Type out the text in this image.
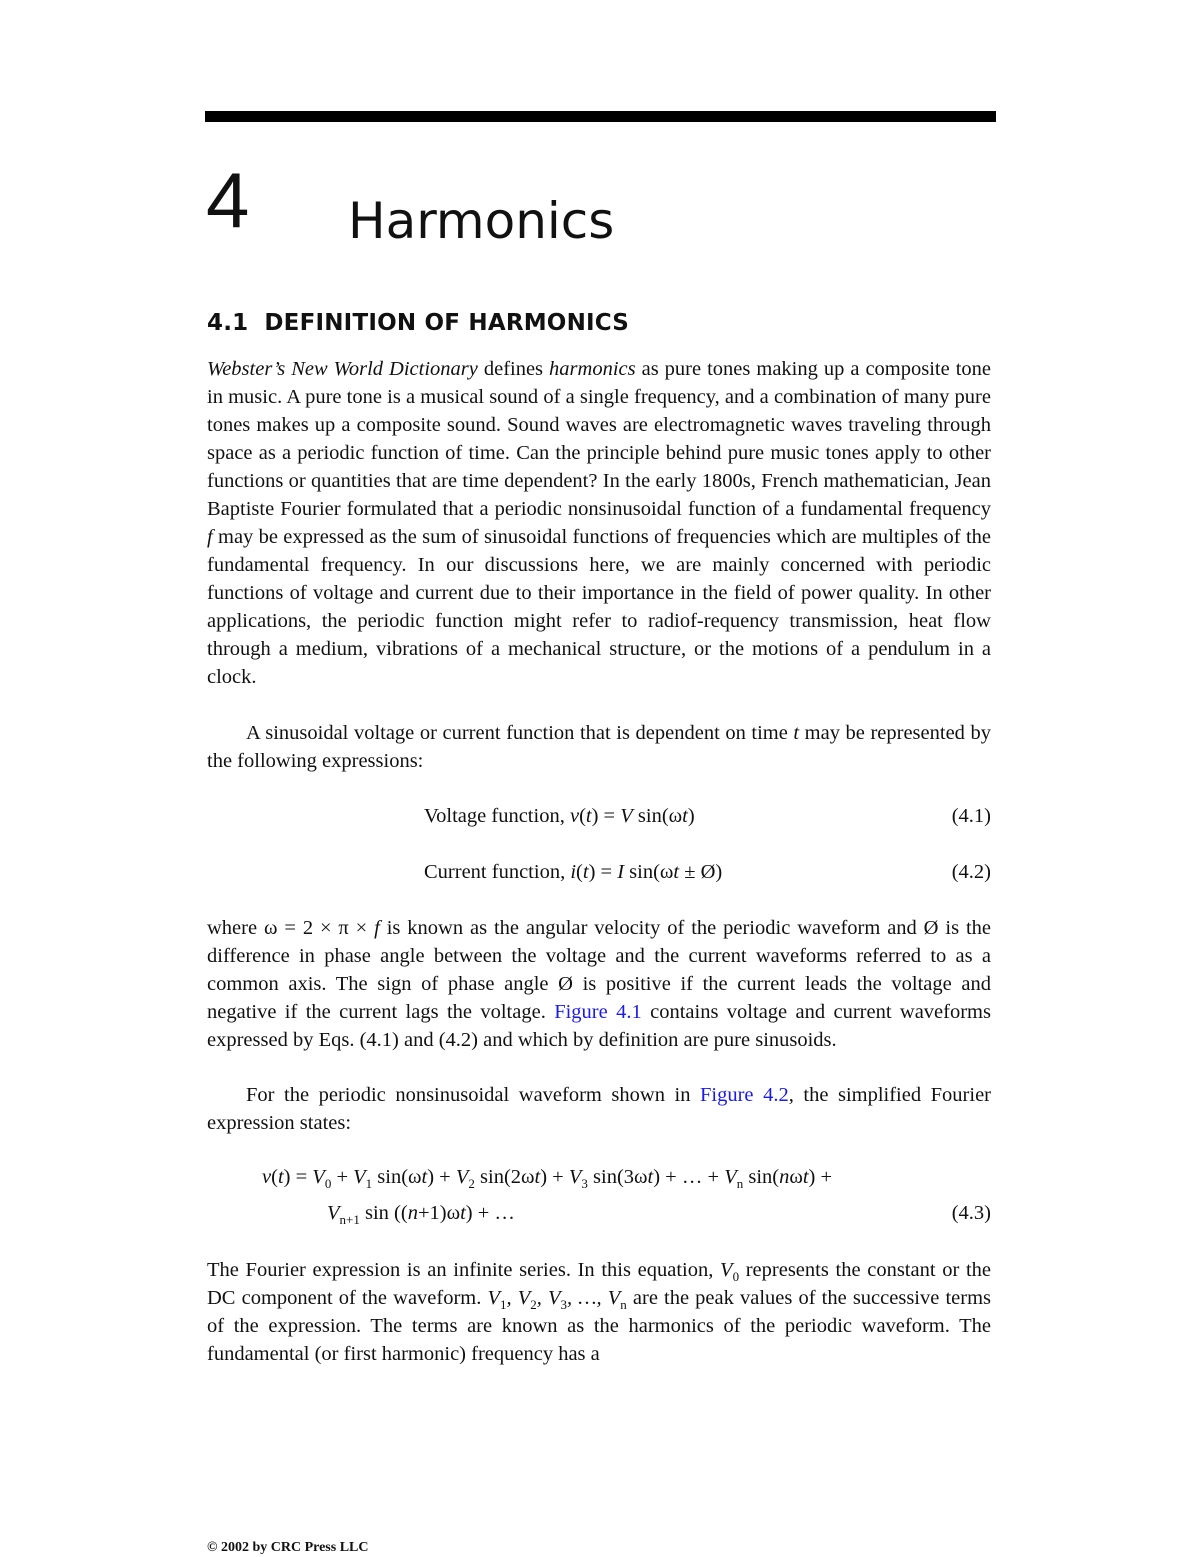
4 Harmonics
4.1 DEFINITION OF HARMONICS

Webster’s New World Dictionary defines harmonics as pure tones making up a composite tone in music. A pure tone is a musical sound of a single frequency, and a combination of many pure tones makes up a composite sound. Sound waves are electromagnetic waves traveling through space as a periodic function of time. Can the principle behind pure music tones apply to other functions or quantities that are time dependent? In the early 1800s, French mathematician, Jean Baptiste Fourier formulated that a periodic nonsinusoidal function of a fundamental frequency f may be expressed as the sum of sinusoidal functions of frequencies which are multiples of the fundamental frequency. In our discussions here, we are mainly concerned with periodic functions of voltage and current due to their importance in the field of power quality. In other applications, the periodic function might refer to radiof-requency transmission, heat flow through a medium, vibrations of a mechanical structure, or the motions of a pendulum in a clock.

A sinusoidal voltage or current function that is dependent on time t may be represented by the following expressions:

Voltage function, v(t) = V sin(ωt)	(4.1)
Current function, i(t) = I sin(ωt ± Ø)	(4.2)

where ω = 2 × π × f is known as the angular velocity of the periodic waveform and Ø is the difference in phase angle between the voltage and the current waveforms referred to as a common axis. The sign of phase angle Ø is positive if the current leads the voltage and negative if the current lags the voltage. Figure 4.1 contains voltage and current waveforms expressed by Eqs. (4.1) and (4.2) and which by definition are pure sinusoids.

For the periodic nonsinusoidal waveform shown in Figure 4.2, the simplified Fourier expression states:

$v(t) = V_0 + V_1$ $\sin(\omega t) + V_2$ $\sin(2\omega t) + V_3$ sin(3ωt) + … + $V_n$ sin(nωt) +
$V_{n+1}$ sin ((n+1)ωt) + …	(4.3)

The Fourier expression is an infinite series. In this equation, $V_0$ represents the constant or the DC component of the waveform. $V_1$, $V_2$, $V_3$, …, $V_n$ are the peak values of the successive terms of the expression. The terms are known as the harmonics of the periodic waveform. The fundamental (or first harmonic) frequency has a

© 2002 by CRC Press LLC
